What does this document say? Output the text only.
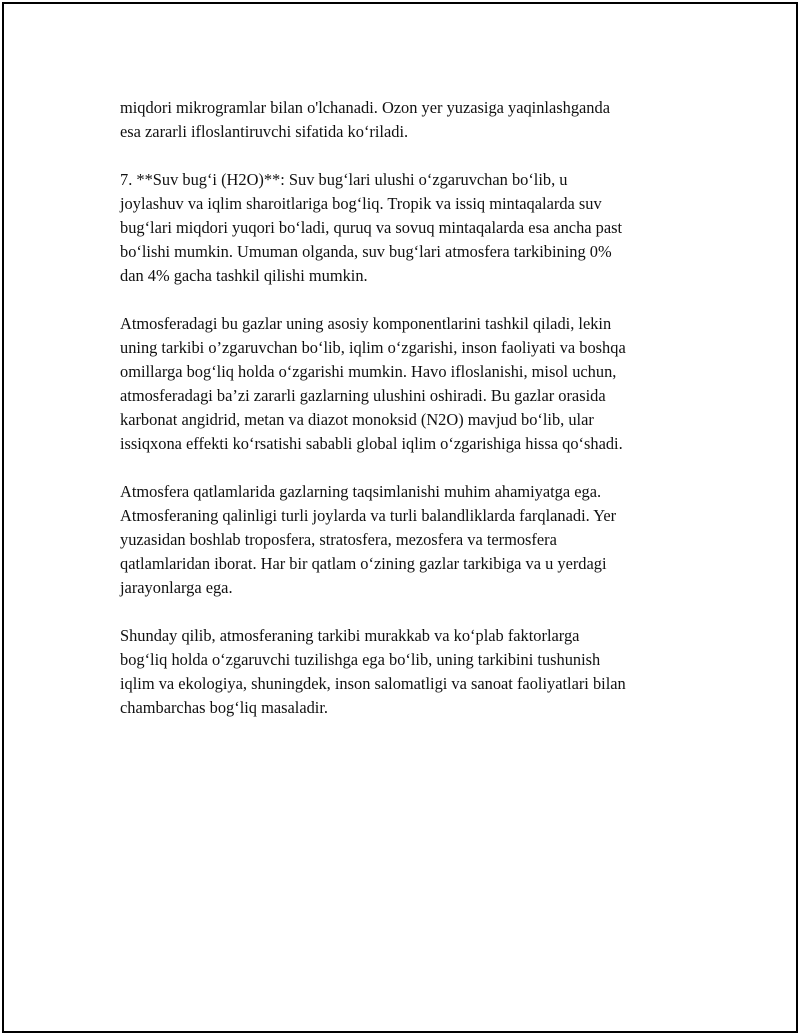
miqdori mikrogramlar bilan o'lchanadi. Ozon yer yuzasiga yaqinlashganda
esa zararli ifloslantiruvchi sifatida ko‘riladi.

7. **Suv bug‘i (H2O)**: Suv bug‘lari ulushi o‘zgaruvchan bo‘lib, u
joylashuv va iqlim sharoitlariga bog‘liq. Tropik va issiq mintaqalarda suv
bug‘lari miqdori yuqori bo‘ladi, quruq va sovuq mintaqalarda esa ancha past
bo‘lishi mumkin. Umuman olganda, suv bug‘lari atmosfera tarkibining 0%
dan 4% gacha tashkil qilishi mumkin.

Atmosferadagi bu gazlar uning asosiy komponentlarini tashkil qiladi, lekin
uning tarkibi o’zgaruvchan bo‘lib, iqlim o‘zgarishi, inson faoliyati va boshqa
omillarga bog‘liq holda o‘zgarishi mumkin. Havo ifloslanishi, misol uchun,
atmosferadagi ba’zi zararli gazlarning ulushini oshiradi. Bu gazlar orasida
karbonat angidrid, metan va diazot monoksid (N2O) mavjud bo‘lib, ular
issiqxona effekti ko‘rsatishi sababli global iqlim o‘zgarishiga hissa qo‘shadi.

Atmosfera qatlamlarida gazlarning taqsimlanishi muhim ahamiyatga ega.
Atmosferaning qalinligi turli joylarda va turli balandliklarda farqlanadi. Yer
yuzasidan boshlab troposfera, stratosfera, mezosfera va termosfera
qatlamlaridan iborat. Har bir qatlam o‘zining gazlar tarkibiga va u yerdagi
jarayonlarga ega.

Shunday qilib, atmosferaning tarkibi murakkab va ko‘plab faktorlarga
bog‘liq holda o‘zgaruvchi tuzilishga ega bo‘lib, uning tarkibini tushunish
iqlim va ekologiya, shuningdek, inson salomatligi va sanoat faoliyatlari bilan
chambarchas bog‘liq masaladir.
